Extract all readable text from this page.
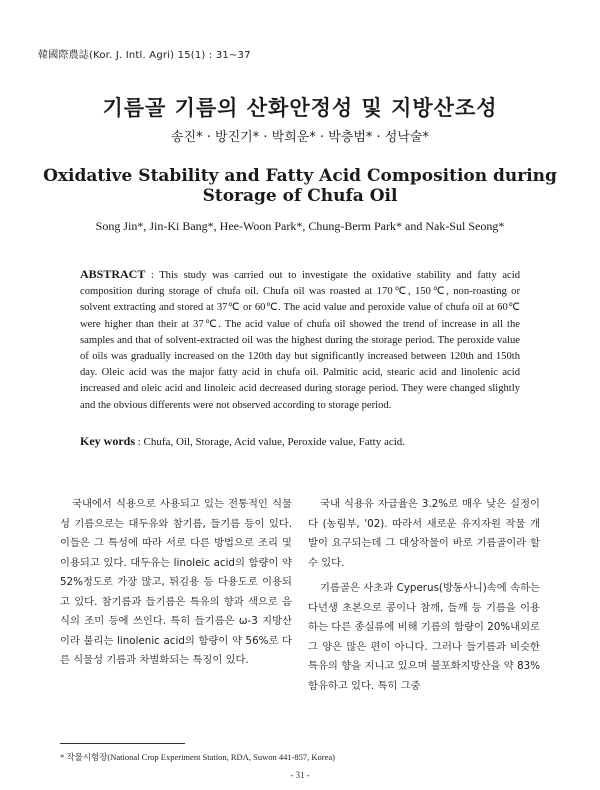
韓國際農誌(Kor. J. Intl. Agri) 15(1) : 31∼37
기름골 기름의 산화안정성 및 지방산조성
송진* · 방진기* · 박희운* · 박충범* · 성낙술*
Oxidative Stability and Fatty Acid Composition during Storage of Chufa Oil
Song Jin*, Jin-Ki Bang*, Hee-Woon Park*, Chung-Berm Park* and Nak-Sul Seong*
ABSTRACT : This study was carried out to investigate the oxidative stability and fatty acid composition during storage of chufa oil. Chufa oil was roasted at 170℃, 150℃, non-roasting or solvent extracting and stored at 37℃ or 60℃. The acid value and peroxide value of chufa oil at 60℃ were higher than their at 37℃. The acid value of chufa oil showed the trend of increase in all the samples and that of solvent-extracted oil was the highest during the storage period. The peroxide value of oils was gradually increased on the 120th day but significantly increased between 120th and 150th day. Oleic acid was the major fatty acid in chufa oil. Palmitic acid, stearic acid and linolenic acid increased and oleic acid and linoleic acid decreased during storage period. They were changed slightly and the obvious differents were not observed according to storage period.
Key words : Chufa, Oil, Storage, Acid value, Peroxide value, Fatty acid.

국내에서 식용으로 사용되고 있는 전통적인 식물성 기름으로는 대두유와 참기름, 들기름 등이 있다. 이들은 그 특성에 따라 서로 다른 방법으로 조리 및 이용되고 있다. 대두유는 linoleic acid의 함량이 약 52%정도로 가장 많고, 튀김용 등 다용도로 이용되고 있다. 참기름과 들기름은 특유의 향과 색으로 음식의 조미 등에 쓰인다. 특히 들기름은 ω-3 지방산이라 불리는 linolenic acid의 함량이 약 56%로 다른 식물성 기름과 차별화되는 특징이 있다.

국내 식용유 자급율은 3.2%로 매우 낮은 실정이다 (농림부, '02). 따라서 새로운 유지자원 작물 개발이 요구되는데 그 대상작물이 바로 기름골이라 할 수 있다.

기름골은 사초과 Cyperus(방동사니)속에 속하는 다년생 초본으로 콩이나 참깨, 들깨 등 기름을 이용하는 다른 종실류에 비해 기름의 함량이 20%내외로 그 양은 많은 편이 아니다. 그러나 들기름과 비슷한 특유의 향을 지니고 있으며 불포화지방산을 약 83% 함유하고 있다. 특히 그중

* 작물시험장(National Crop Experiment Station, RDA, Suwon 441-857, Korea)
- 31 -
